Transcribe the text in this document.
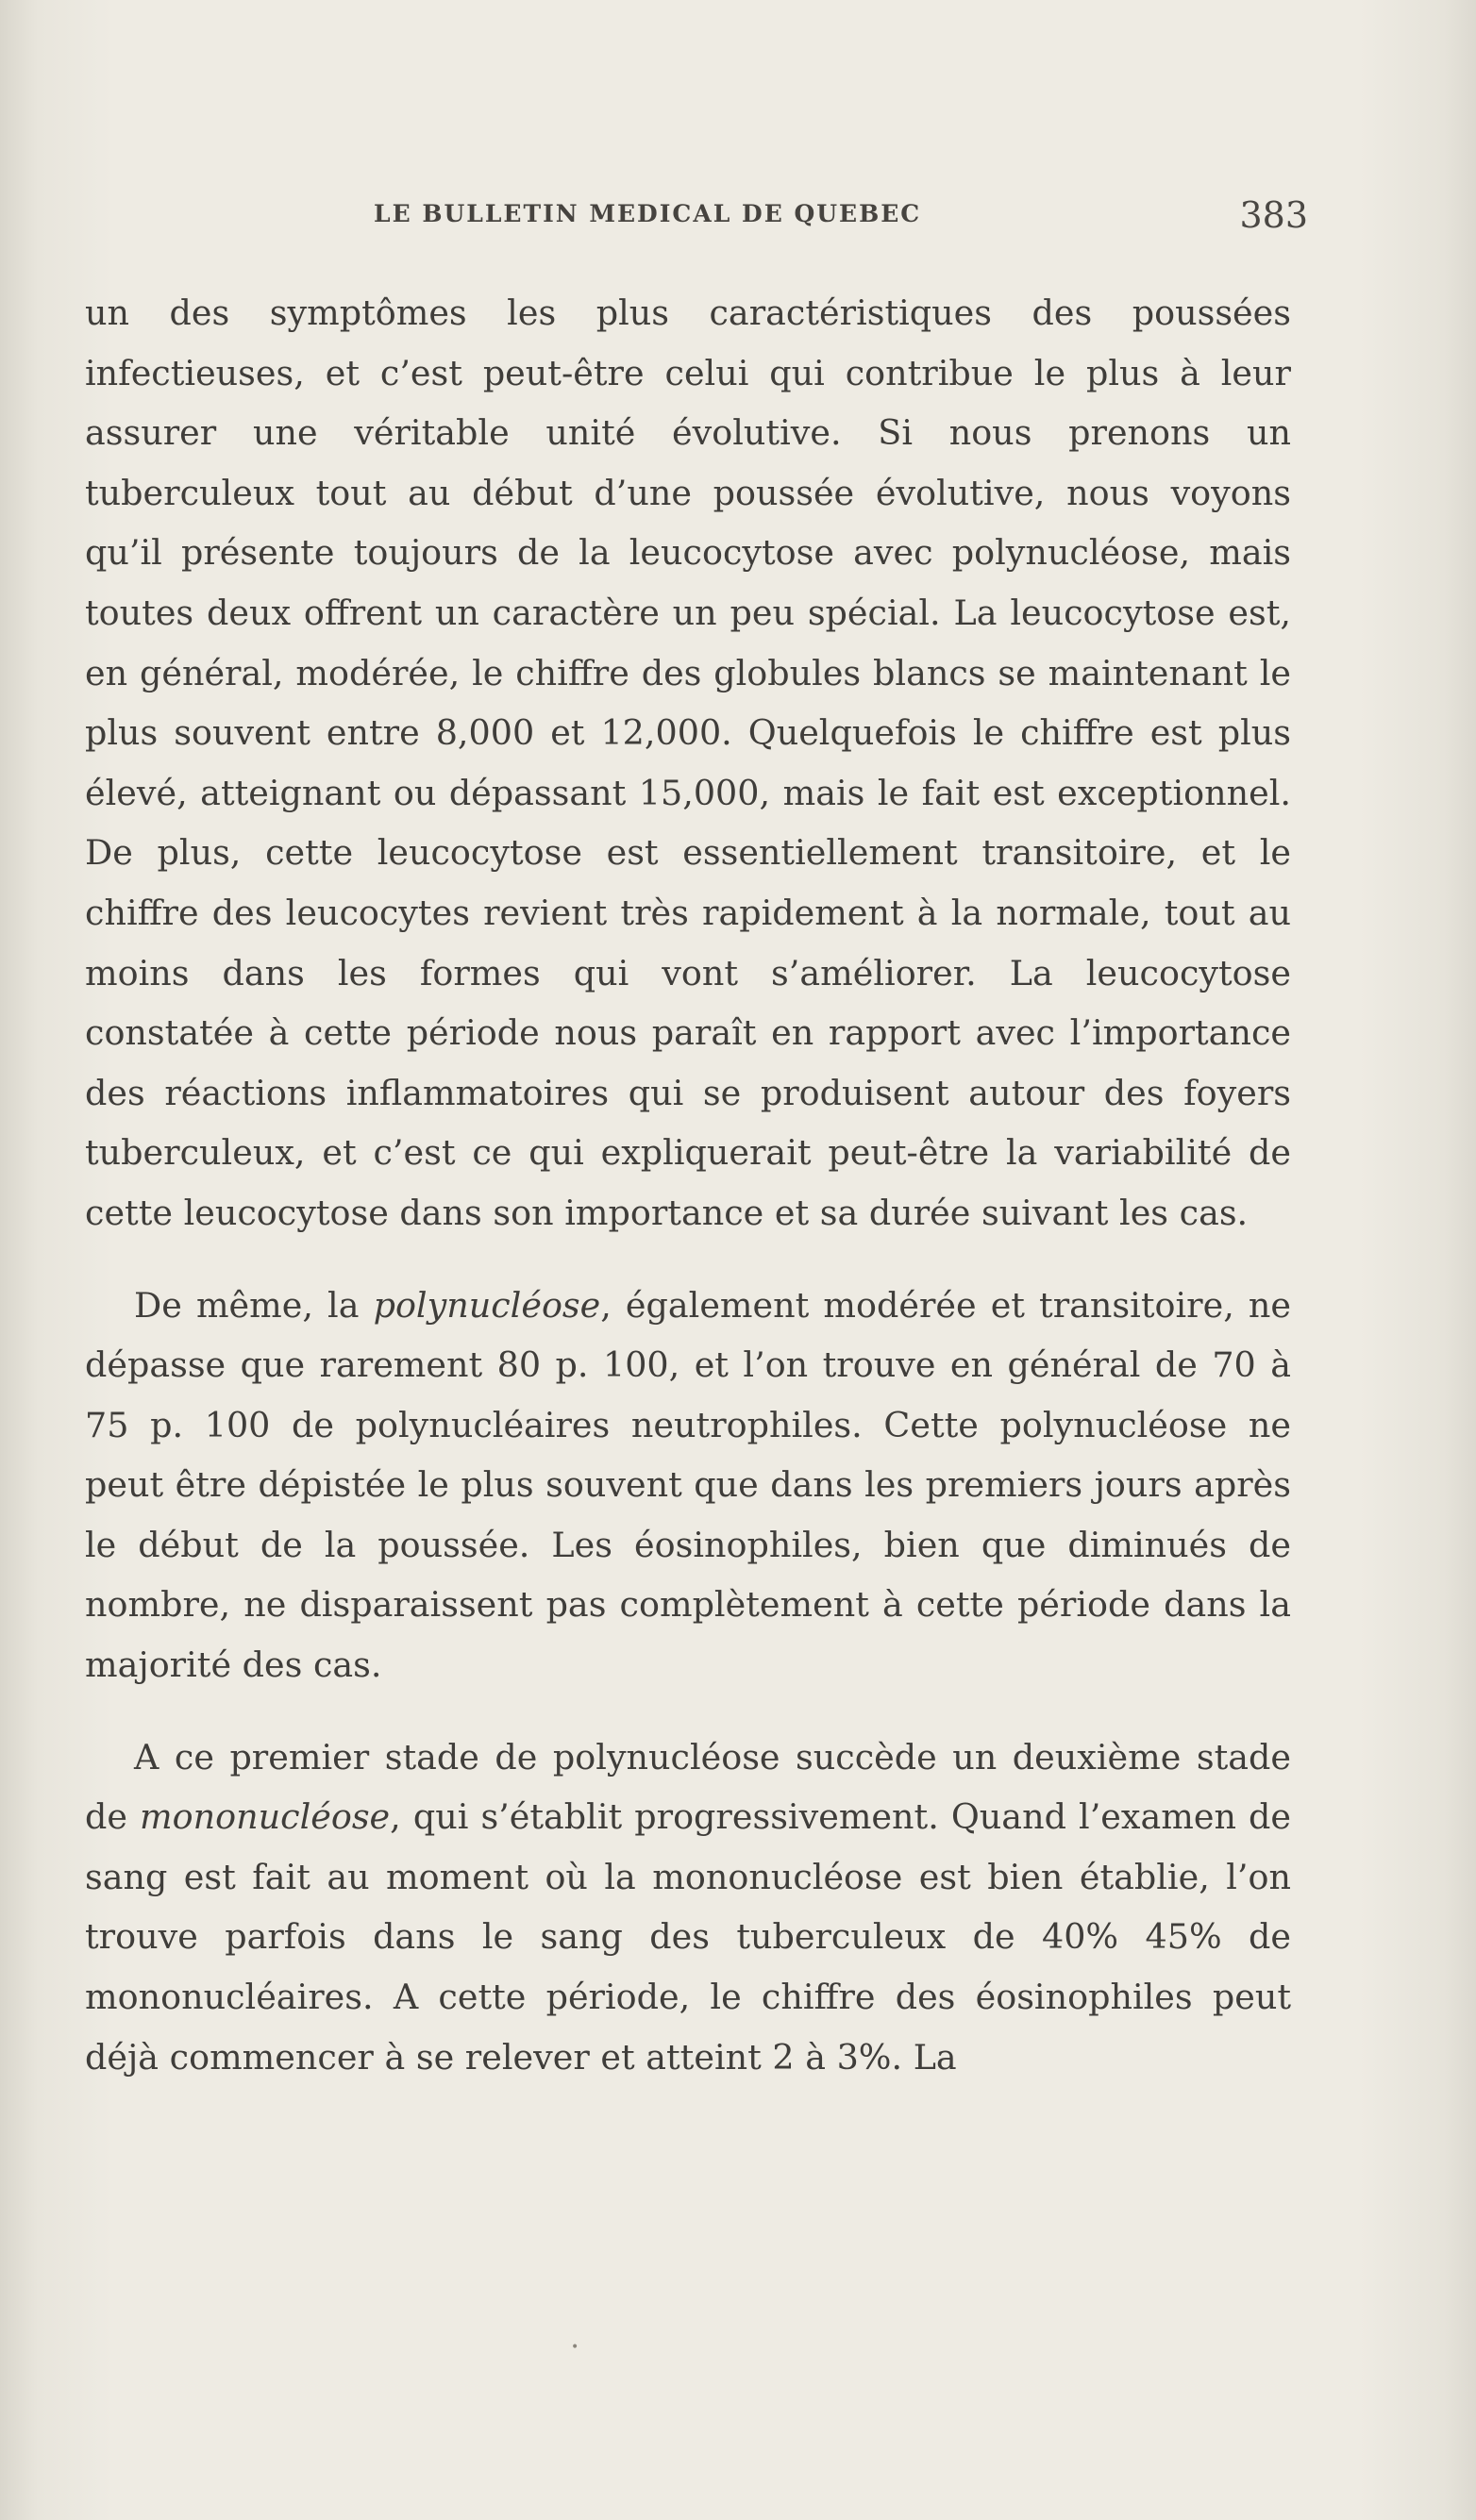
LE BULLETIN MEDICAL DE QUEBEC	383

un des symptômes les plus caractéristiques des poussées infectieuses, et c’est peut-être celui qui contribue le plus à leur assurer une véritable unité évolutive. Si nous prenons un tuberculeux tout au début d’une poussée évolutive, nous voyons qu’il présente toujours de la leucocytose avec polynucléose, mais toutes deux offrent un caractère un peu spécial. La leucocytose est, en général, modérée, le chiffre des globules blancs se maintenant le plus souvent entre 8,000 et 12,000. Quelquefois le chiffre est plus élevé, atteignant ou dépassant 15,000, mais le fait est exceptionnel. De plus, cette leucocytose est essentiellement transitoire, et le chiffre des leucocytes revient très rapidement à la normale, tout au moins dans les formes qui vont s’améliorer. La leucocytose constatée à cette période nous paraît en rapport avec l’importance des réactions inflammatoires qui se produisent autour des foyers tuberculeux, et c’est ce qui expliquerait peut-être la variabilité de cette leucocytose dans son importance et sa durée suivant les cas.

De même, la polynucléose, également modérée et transitoire, ne dépasse que rarement 80 p. 100, et l’on trouve en général de 70 à 75 p. 100 de polynucléaires neutrophiles. Cette polynucléose ne peut être dépistée le plus souvent que dans les premiers jours après le début de la poussée. Les éosinophiles, bien que diminués de nombre, ne disparaissent pas complètement à cette période dans la majorité des cas.

A ce premier stade de polynucléose succède un deuxième stade de mononucléose, qui s’établit progressivement. Quand l’examen de sang est fait au moment où la mononucléose est bien établie, l’on trouve parfois dans le sang des tuberculeux de 40% 45% de mononucléaires. A cette période, le chiffre des éosinophiles peut déjà commencer à se relever et atteint 2 à 3%. La

•
